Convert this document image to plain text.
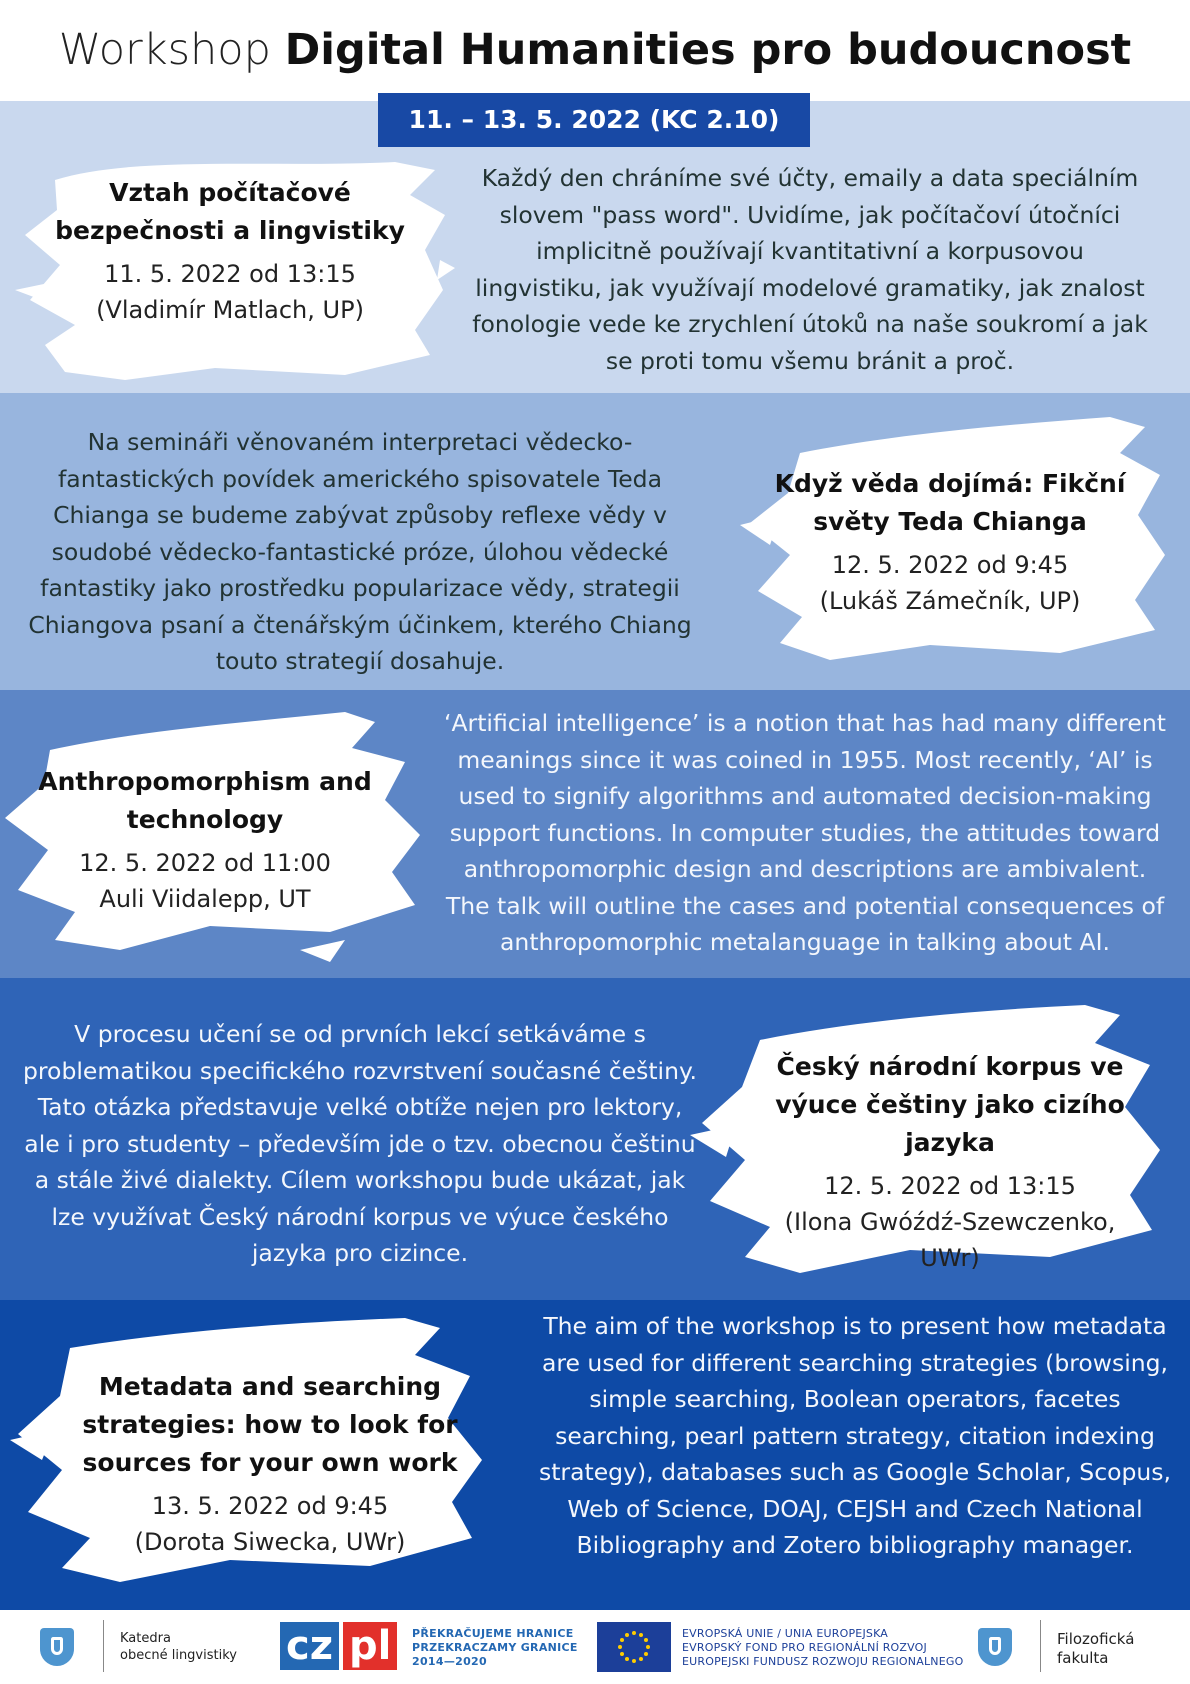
Workshop Digital Humanities pro budoucnost
11. – 13. 5. 2022 (KC 2.10)
Vztah počítačové bezpečnosti a lingvistiky
11. 5. 2022 od 13:15
(Vladimír Matlach, UP)
Každý den chráníme své účty, emaily a data speciálním slovem "pass word". Uvidíme, jak počítačoví útočníci implicitně používají kvantitativní a korpusovou lingvistiku, jak využívají modelové gramatiky, jak znalost fonologie vede ke zrychlení útoků na naše soukromí a jak se proti tomu všemu bránit a proč.
Když věda dojímá: Fikční světy Teda Chianga
12. 5. 2022 od 9:45
(Lukáš Zámečník, UP)
Na semináři věnovaném interpretaci vědecko-fantastických povídek amerického spisovatele Teda Chianga se budeme zabývat způsoby reflexe vědy v soudobé vědecko-fantastické próze, úlohou vědecké fantastiky jako prostředku popularizace vědy, strategii Chiangova psaní a čtenářským účinkem, kterého Chiang touto strategií dosahuje.
Anthropomorphism and technology
12. 5. 2022 od 11:00
Auli Viidalepp, UT
‘Artificial intelligence’ is a notion that has had many different meanings since it was coined in 1955. Most recently, ‘AI’ is used to signify algorithms and automated decision-making support functions. In computer studies, the attitudes toward anthropomorphic design and descriptions are ambivalent. The talk will outline the cases and potential consequences of anthropomorphic metalanguage in talking about AI.
Český národní korpus ve výuce češtiny jako cizího jazyka
12. 5. 2022 od 13:15
(Ilona Gwóźdź-Szewczenko, UWr)
V procesu učení se od prvních lekcí setkáváme s problematikou specifického rozvrstvení současné češtiny. Tato otázka představuje velké obtíže nejen pro lektory, ale i pro studenty – především jde o tzv. obecnou češtinu a stále živé dialekty. Cílem workshopu bude ukázat, jak lze využívat Český národní korpus ve výuce českého jazyka pro cizince.
Metadata and searching strategies: how to look for sources for your own work
13. 5. 2022 od 9:45
(Dorota Siwecka, UWr)
The aim of the workshop is to present how metadata are used for different searching strategies (browsing, simple searching, Boolean operators, facetes searching, pearl pattern strategy, citation indexing strategy), databases such as Google Scholar, Scopus, Web of Science, DOAJ, CEJSH and Czech National Bibliography and Zotero bibliography manager.
Katedra
obecné lingvistiky cz pl	PŘEKRAČUJEME HRANICE
PRZEKRACZAMY GRANICE
2014—2020
EVROPSKÁ UNIE / UNIA EUROPEJSKA
EVROPSKÝ FOND PRO REGIONÁLNÍ ROZVOJ
EUROPEJSKI FUNDUSZ ROZWOJU REGIONALNEGO
Filozofická
fakulta
